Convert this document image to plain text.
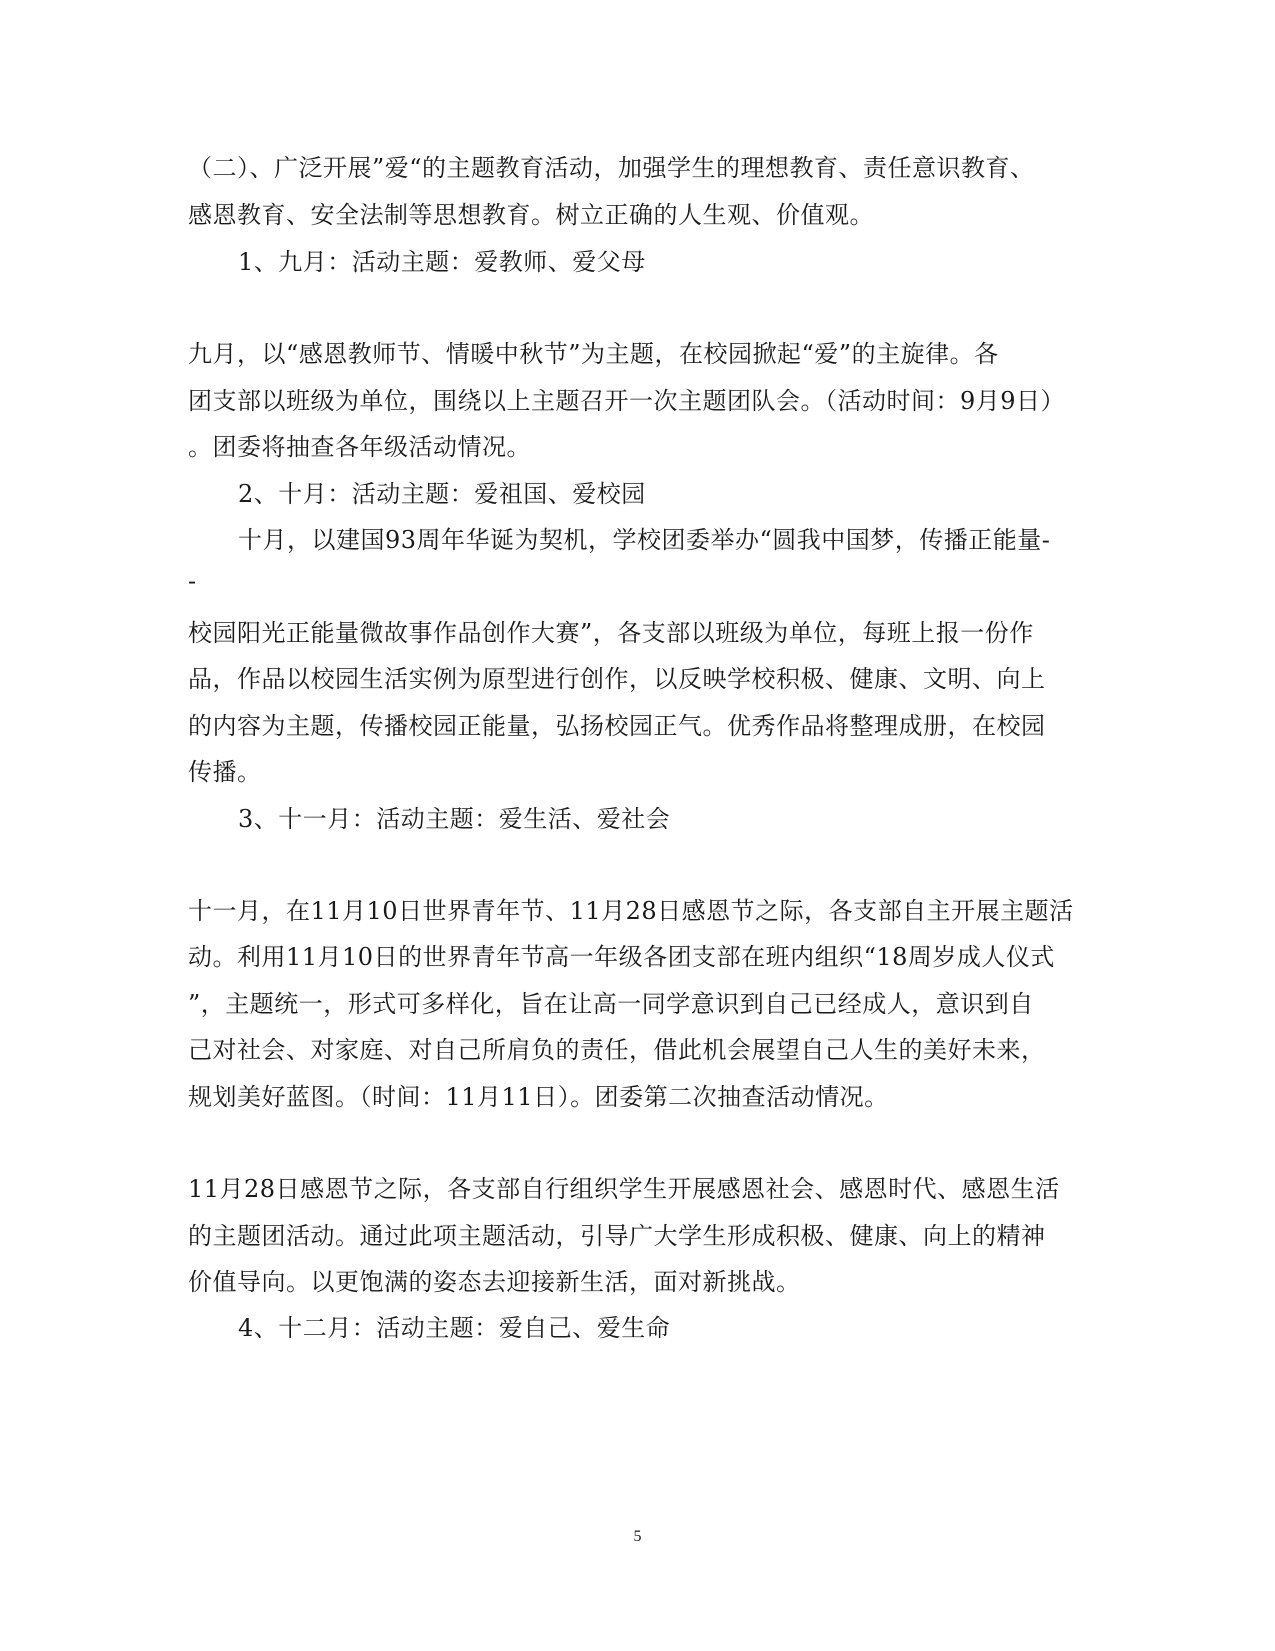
（二）、广泛开展”爱“的主题教育活动，加强学生的理想教育、责任意识教育、
感恩教育、安全法制等思想教育。树立正确的人生观、价值观。
1、九月：活动主题：爱教师、爱父母
九月，以“感恩教师节、情暖中秋节”为主题，在校园掀起“爱”的主旋律。各
团支部以班级为单位，围绕以上主题召开一次主题团队会。（活动时间：9月9日）
。团委将抽查各年级活动情况。
2、十月：活动主题：爱祖国、爱校园
十月，以建国93周年华诞为契机，学校团委举办“圆我中国梦，传播正能量-
-
校园阳光正能量微故事作品创作大赛”，各支部以班级为单位，每班上报一份作
品，作品以校园生活实例为原型进行创作，以反映学校积极、健康、文明、向上
的内容为主题，传播校园正能量，弘扬校园正气。优秀作品将整理成册，在校园
传播。
3、十一月：活动主题：爱生活、爱社会
十一月，在11月10日世界青年节、11月28日感恩节之际，各支部自主开展主题活
动。利用11月10日的世界青年节高一年级各团支部在班内组织“18周岁成人仪式
”，主题统一，形式可多样化，旨在让高一同学意识到自己已经成人，意识到自
己对社会、对家庭、对自己所肩负的责任，借此机会展望自己人生的美好未来，
规划美好蓝图。（时间：11月11日）。团委第二次抽查活动情况。
11月28日感恩节之际，各支部自行组织学生开展感恩社会、感恩时代、感恩生活
的主题团活动。通过此项主题活动，引导广大学生形成积极、健康、向上的精神
价值导向。以更饱满的姿态去迎接新生活，面对新挑战。
4、十二月：活动主题：爱自己、爱生命
5
